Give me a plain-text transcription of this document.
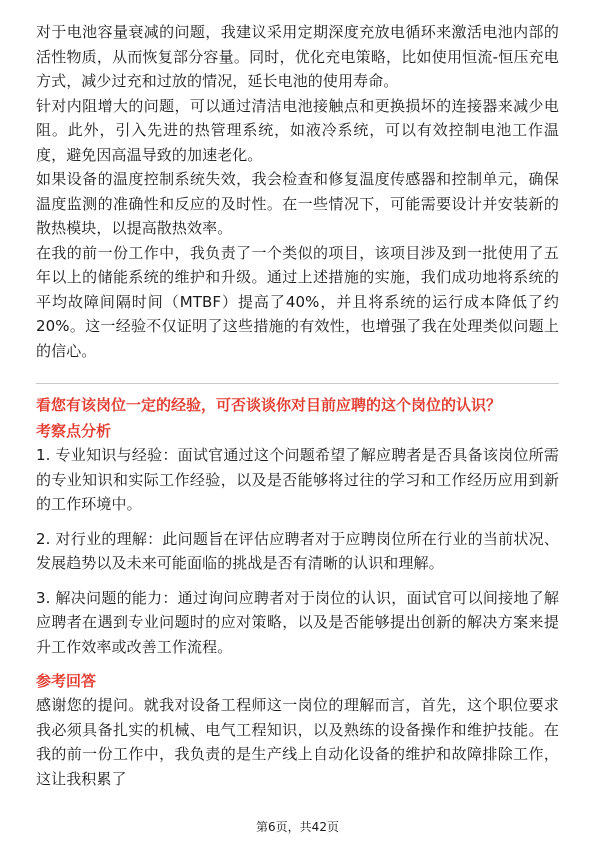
对于电池容量衰减的问题，我建议采用定期深度充放电循环来激活电池内部的活性物质，从而恢复部分容量。同时，优化充电策略，比如使用恒流-恒压充电方式，减少过充和过放的情况，延长电池的使用寿命。

针对内阻增大的问题，可以通过清洁电池接触点和更换损坏的连接器来减少电阻。此外，引入先进的热管理系统，如液冷系统，可以有效控制电池工作温度，避免因高温导致的加速老化。

如果设备的温度控制系统失效，我会检查和修复温度传感器和控制单元，确保温度监测的准确性和反应的及时性。在一些情况下，可能需要设计并安装新的散热模块，以提高散热效率。

在我的前一份工作中，我负责了一个类似的项目，该项目涉及到一批使用了五年以上的储能系统的维护和升级。通过上述措施的实施，我们成功地将系统的平均故障间隔时间（MTBF）提高了40%，并且将系统的运行成本降低了约20%。这一经验不仅证明了这些措施的有效性，也增强了我在处理类似问题上的信心。

看您有该岗位一定的经验，可否谈谈你对目前应聘的这个岗位的认识？
考察点分析

1. 专业知识与经验：面试官通过这个问题希望了解应聘者是否具备该岗位所需的专业知识和实际工作经验，以及是否能够将过往的学习和工作经历应用到新的工作环境中。

2. 对行业的理解：此问题旨在评估应聘者对于应聘岗位所在行业的当前状况、发展趋势以及未来可能面临的挑战是否有清晰的认识和理解。

3. 解决问题的能力：通过询问应聘者对于岗位的认识，面试官可以间接地了解应聘者在遇到专业问题时的应对策略，以及是否能够提出创新的解决方案来提升工作效率或改善工作流程。

参考回答

感谢您的提问。就我对设备工程师这一岗位的理解而言，首先，这个职位要求我必须具备扎实的机械、电气工程知识，以及熟练的设备操作和维护技能。在我的前一份工作中，我负责的是生产线上自动化设备的维护和故障排除工作，这让我积累了

第6页，共42页
